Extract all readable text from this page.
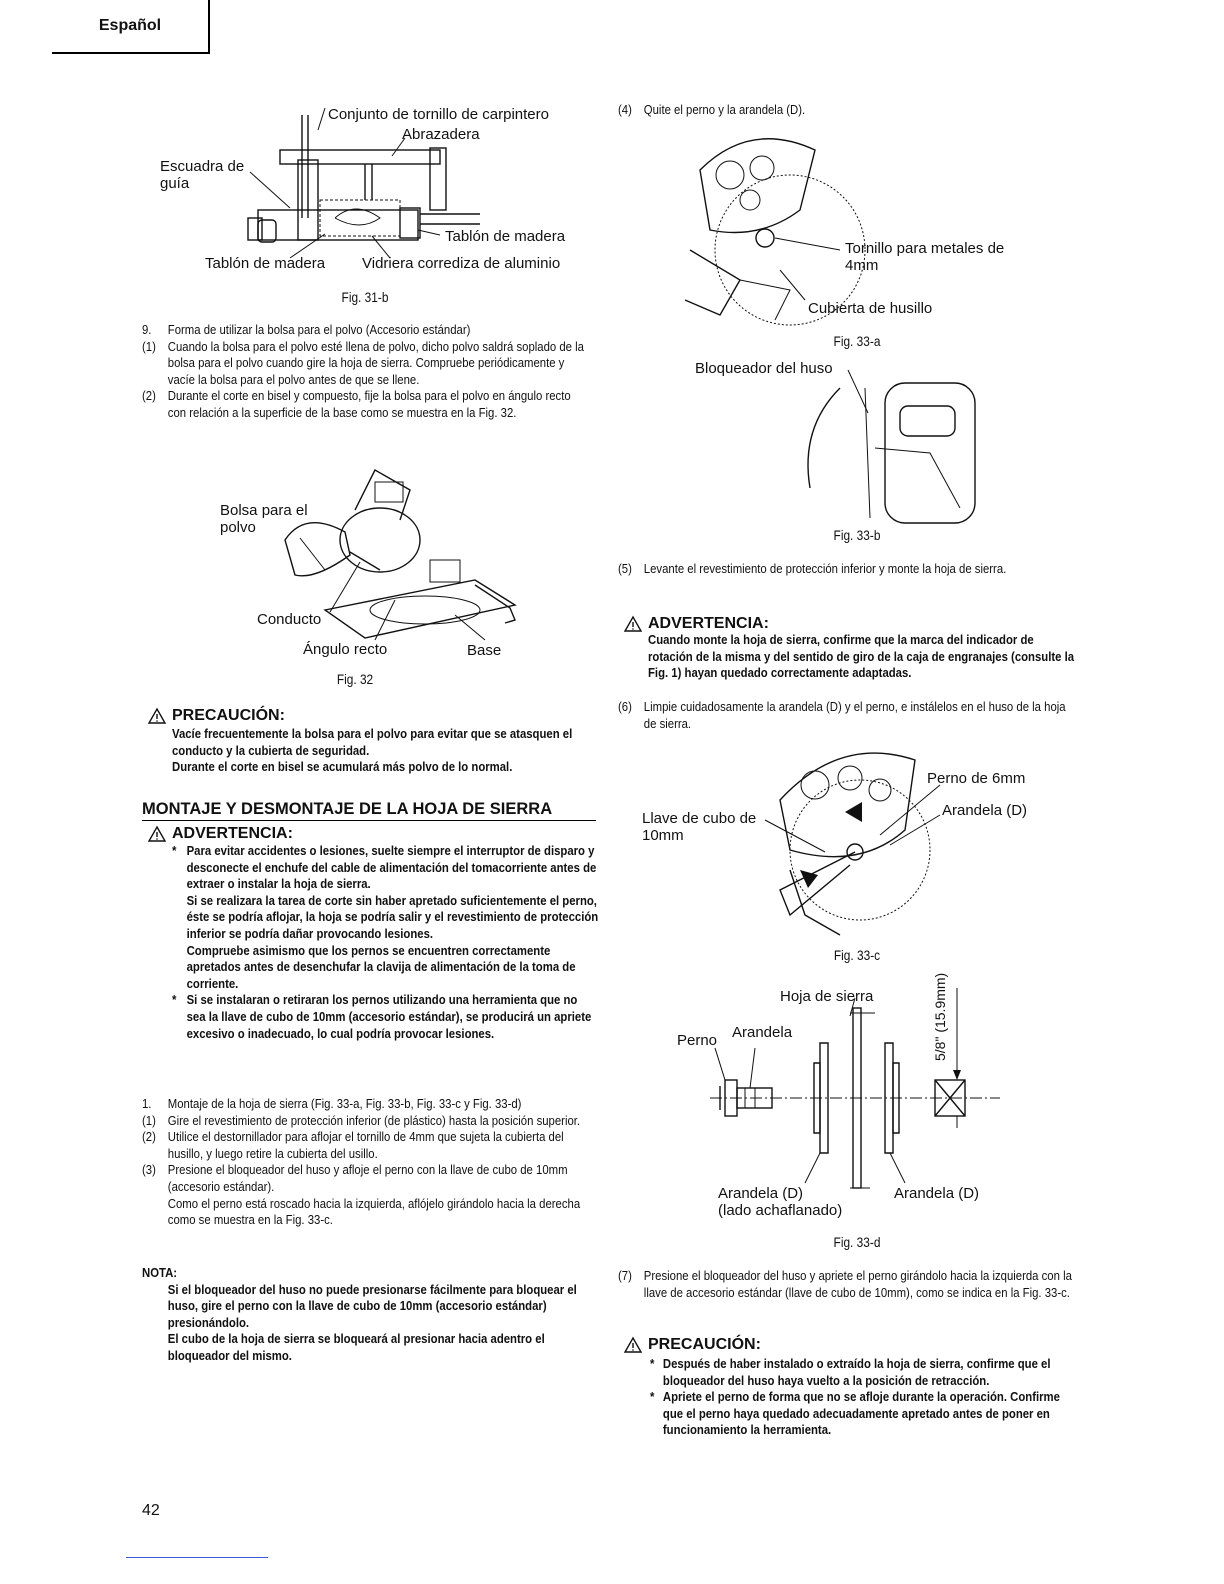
Español
Conjunto de tornillo de carpintero
Abrazadera
Escuadra de guía
Tablón de madera
Tablón de madera Vidriera corrediza de aluminio
Fig. 31-b
9. Forma de utilizar la bolsa para el polvo (Accesorio estándar)
(1) Cuando la bolsa para el polvo esté llena de polvo, dicho polvo saldrá soplado de la bolsa para el polvo cuando gire la hoja de sierra. Compruebe periódicamente y vacíe la bolsa para el polvo antes de que se llene.
(2) Durante el corte en bisel y compuesto, fije la bolsa para el polvo en ángulo recto con relación a la superficie de la base como se muestra en la Fig. 32.
Bolsa para el polvo
Conducto
Ángulo recto	Base
Fig. 32
PRECAUCIÓN:
Vacíe frecuentemente la bolsa para el polvo para evitar que se atasquen el conducto y la cubierta de seguridad.
Durante el corte en bisel se acumulará más polvo de lo normal.
MONTAJE Y DESMONTAJE DE LA HOJA DE SIERRA
ADVERTENCIA:
* Para evitar accidentes o lesiones, suelte siempre el interruptor de disparo y desconecte el enchufe del cable de alimentación del tomacorriente antes de extraer o instalar la hoja de sierra.
Si se realizara la tarea de corte sin haber apretado suficientemente el perno, éste se podría aflojar, la hoja se podría salir y el revestimiento de protección inferior se podría dañar provocando lesiones.
Compruebe asimismo que los pernos se encuentren correctamente apretados antes de desenchufar la clavija de alimentación de la toma de corriente.
* Si se instalaran o retiraran los pernos utilizando una herramienta que no sea la llave de cubo de 10mm (accesorio estándar), se producirá un apriete excesivo o inadecuado, lo cual podría provocar lesiones.
1. Montaje de la hoja de sierra (Fig. 33-a, Fig. 33-b, Fig. 33-c y Fig. 33-d)
(1) Gire el revestimiento de protección inferior (de plástico) hasta la posición superior.
(2) Utilice el destornillador para aflojar el tornillo de 4mm que sujeta la cubierta del husillo, y luego retire la cubierta del usillo.
(3) Presione el bloqueador del huso y afloje el perno con la llave de cubo de 10mm (accesorio estándar).
Como el perno está roscado hacia la izquierda, aflójelo girándolo hacia la derecha como se muestra en la Fig. 33-c.
NOTA:
Si el bloqueador del huso no puede presionarse fácilmente para bloquear el huso, gire el perno con la llave de cubo de 10mm (accesorio estándar) presionándolo.
El cubo de la hoja de sierra se bloqueará al presionar hacia adentro el bloqueador del mismo.
(4) Quite el perno y la arandela (D).
Tornillo para metales de 4mm
Cubierta de husillo
Fig. 33-a
Bloqueador del huso
Fig. 33-b
(5) Levante el revestimiento de protección inferior y monte la hoja de sierra.
ADVERTENCIA:
Cuando monte la hoja de sierra, confirme que la marca del indicador de rotación de la misma y del sentido de giro de la caja de engranajes (consulte la Fig. 1) hayan quedado correctamente adaptadas.
(6) Limpie cuidadosamente la arandela (D) y el perno, e instálelos en el huso de la hoja de sierra.
Perno de 6mm
Arandela (D)
Llave de cubo de 10mm
Fig. 33-c
Hoja de sierra
Perno Arandela	5/8" (15.9mm)
Arandela (D)
(lado achaflanado)
Arandela (D)
Fig. 33-d
(7) Presione el bloqueador del huso y apriete el perno girándolo hacia la izquierda con la llave de accesorio estándar (llave de cubo de 10mm), como se indica en la Fig. 33-c.
PRECAUCIÓN:
* Después de haber instalado o extraído la hoja de sierra, confirme que el bloqueador del huso haya vuelto a la posición de retracción.
* Apriete el perno de forma que no se afloje durante la operación. Confirme que el perno haya quedado adecuadamente apretado antes de poner en funcionamiento la herramienta.
42
